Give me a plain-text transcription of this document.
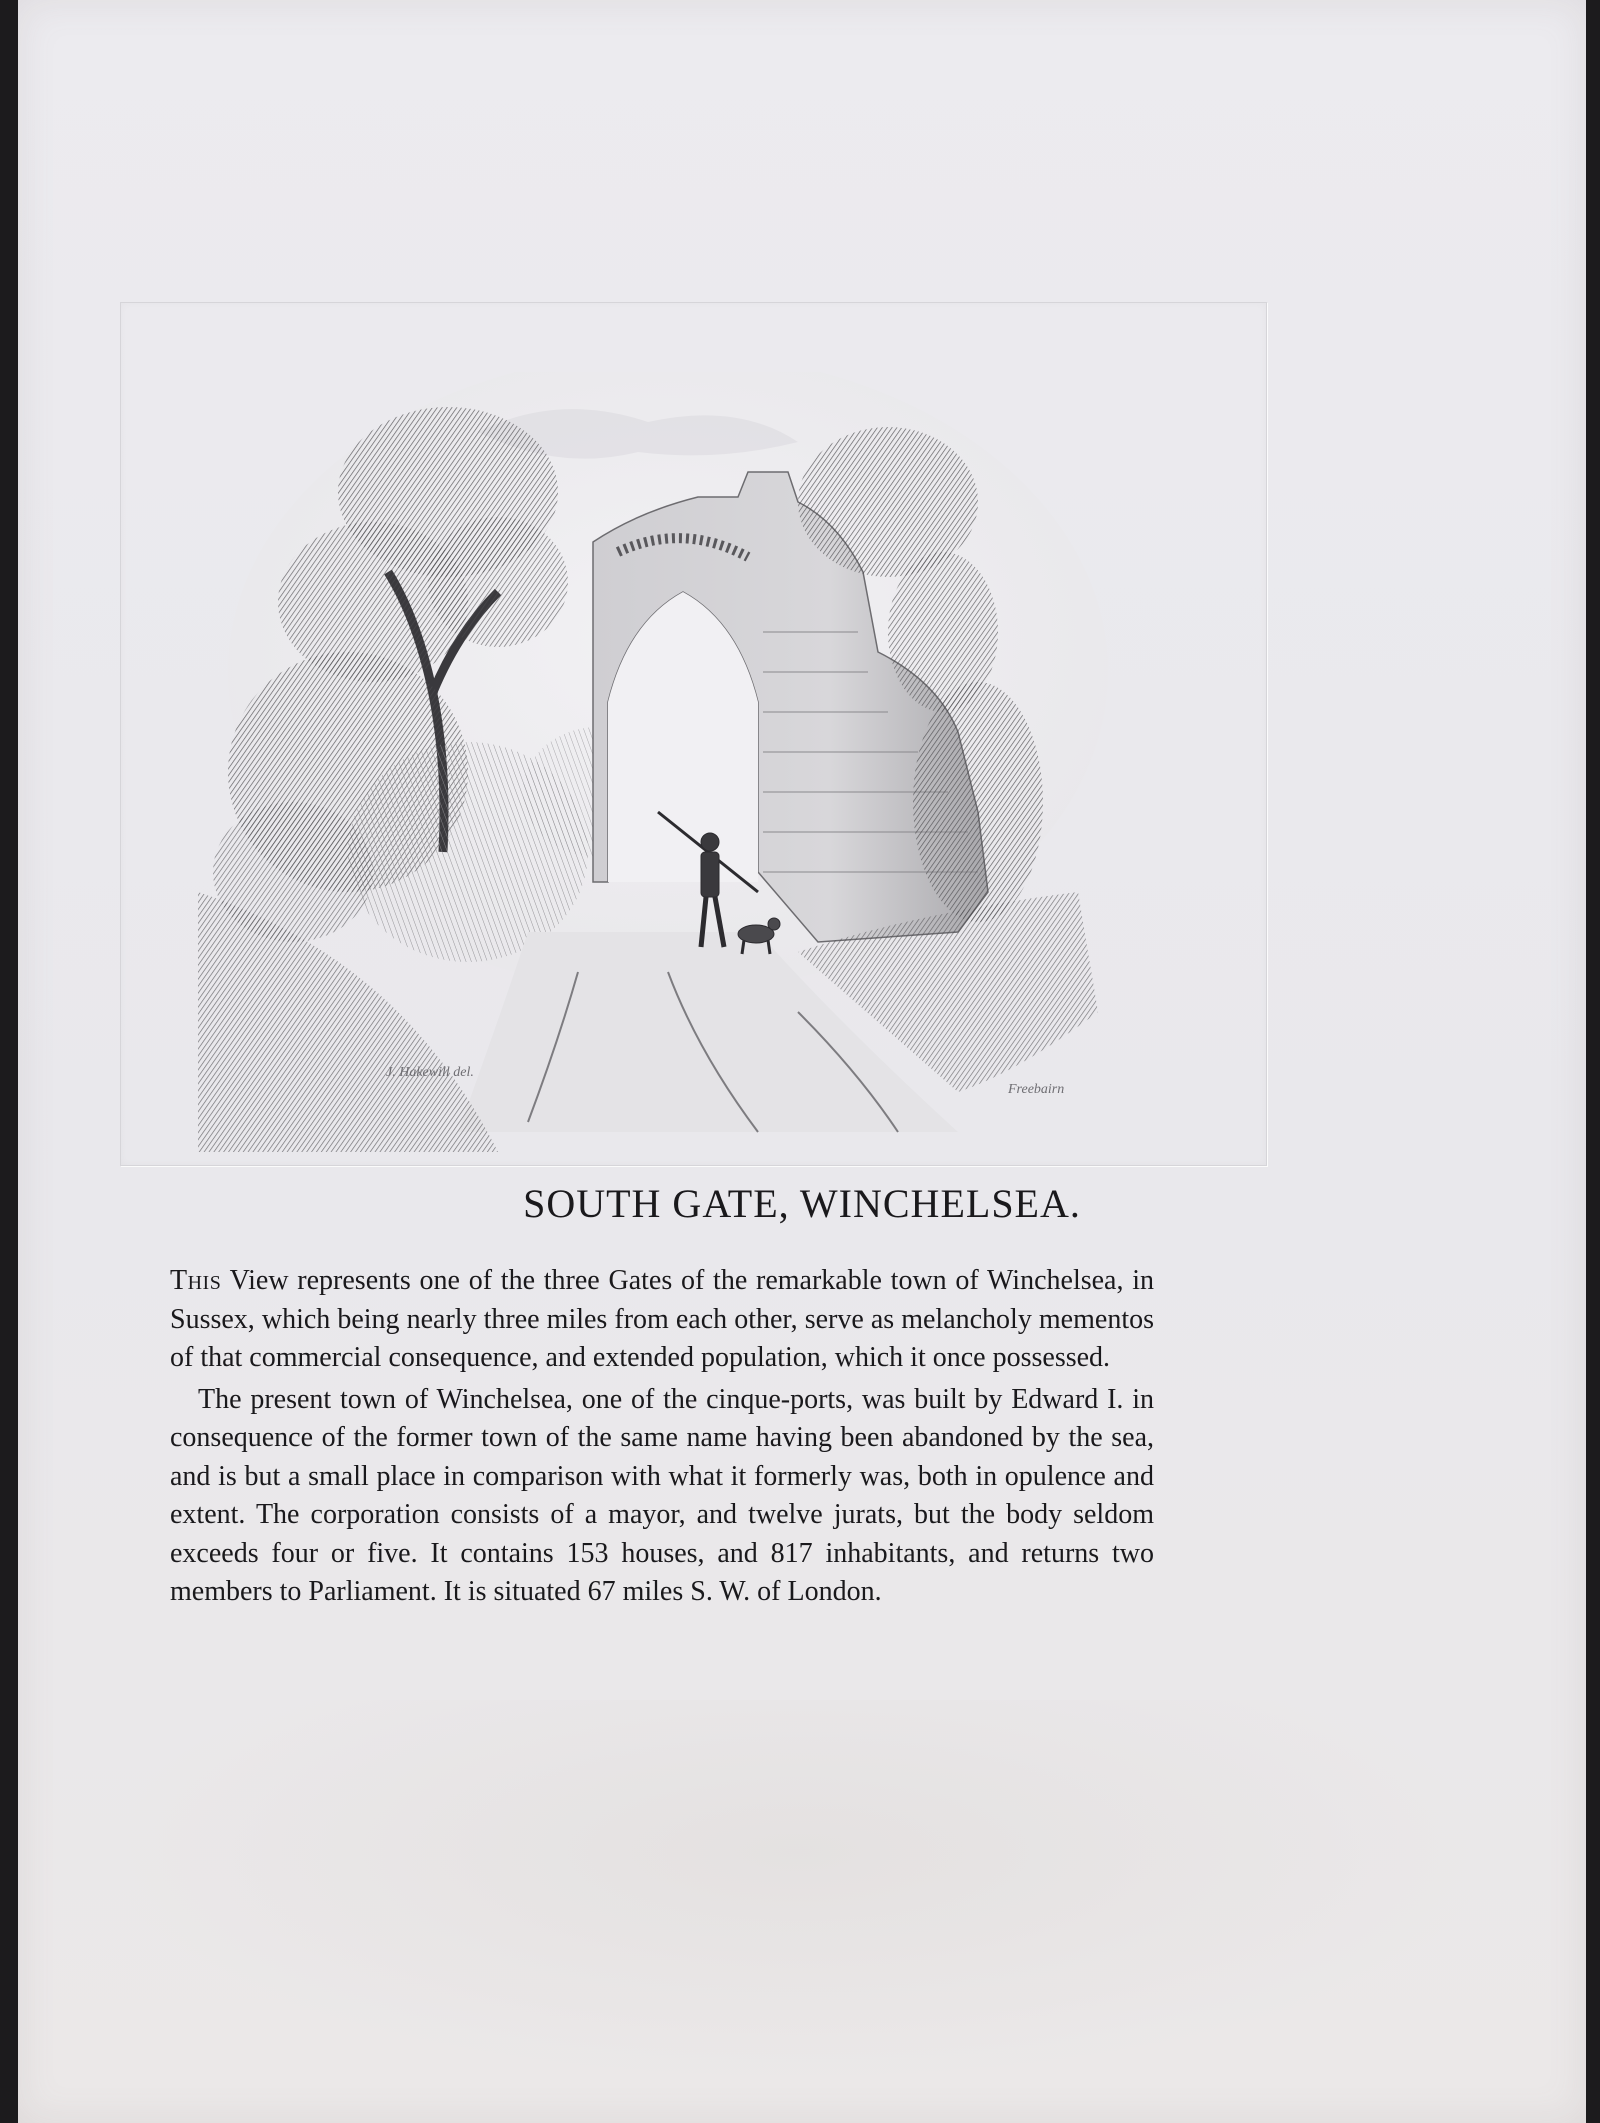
J. Hakewill del.
Freebairn
SOUTH GATE, WINCHELSEA.

This View represents one of the three Gates of the remarkable town of Winchelsea, in Sussex, which being nearly three miles from each other, serve as melancholy mementos of that commercial consequence, and extended population, which it once possessed.

The present town of Winchelsea, one of the cinque-ports, was built by Edward I. in consequence of the former town of the same name having been abandoned by the sea, and is but a small place in comparison with what it formerly was, both in opulence and extent. The corporation consists of a mayor, and twelve jurats, but the body seldom exceeds four or five. It contains 153 houses, and 817 inhabitants, and returns two members to Parliament. It is situated 67 miles S. W. of London.
